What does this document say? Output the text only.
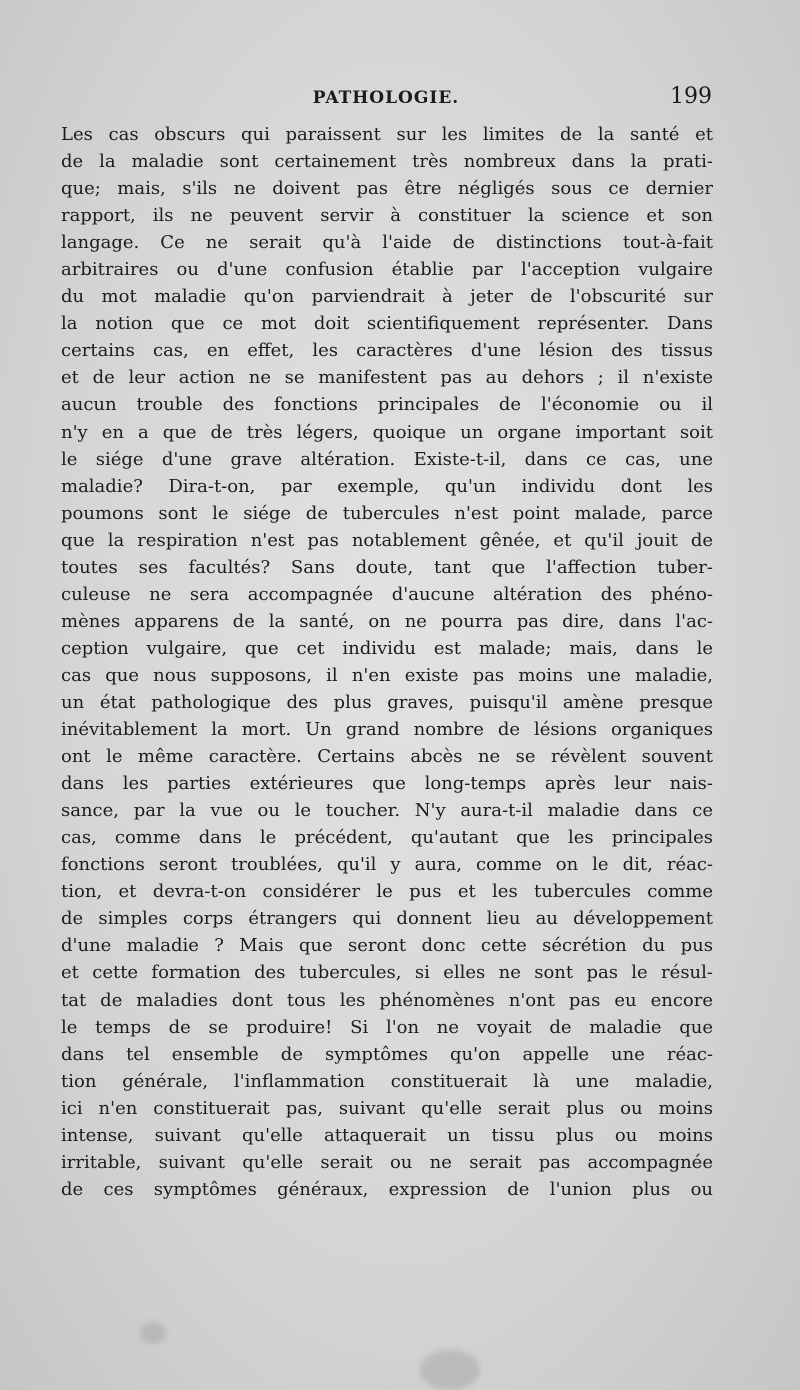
PATHOLOGIE.	199
Les cas obscurs qui paraissent sur les limites de la santé et
de la maladie sont certainement très nombreux dans la prati-
que; mais, s'ils ne doivent pas être négligés sous ce dernier
rapport, ils ne peuvent servir à constituer la science et son
langage. Ce ne serait qu'à l'aide de distinctions tout-à-fait
arbitraires ou d'une confusion établie par l'acception vulgaire
du mot maladie qu'on parviendrait à jeter de l'obscurité sur
la notion que ce mot doit scientifiquement représenter. Dans
certains cas, en effet, les caractères d'une lésion des tissus
et de leur action ne se manifestent pas au dehors ; il n'existe
aucun trouble des fonctions principales de l'économie ou il
n'y en a que de très légers, quoique un organe important soit
le siége d'une grave altération. Existe-t-il, dans ce cas, une
maladie? Dira-t-on, par exemple, qu'un individu dont les
poumons sont le siége de tubercules n'est point malade, parce
que la respiration n'est pas notablement gênée, et qu'il jouit de
toutes ses facultés? Sans doute, tant que l'affection tuber-
culeuse ne sera accompagnée d'aucune altération des phéno-
mènes apparens de la santé, on ne pourra pas dire, dans l'ac-
ception vulgaire, que cet individu est malade; mais, dans le
cas que nous supposons, il n'en existe pas moins une maladie,
un état pathologique des plus graves, puisqu'il amène presque
inévitablement la mort. Un grand nombre de lésions organiques
ont le même caractère. Certains abcès ne se révèlent souvent
dans les parties extérieures que long-temps après leur nais-
sance, par la vue ou le toucher. N'y aura-t-il maladie dans ce
cas, comme dans le précédent, qu'autant que les principales
fonctions seront troublées, qu'il y aura, comme on le dit, réac-
tion, et devra-t-on considérer le pus et les tubercules comme
de simples corps étrangers qui donnent lieu au développement
d'une maladie ? Mais que seront donc cette sécrétion du pus
et cette formation des tubercules, si elles ne sont pas le résul-
tat de maladies dont tous les phénomènes n'ont pas eu encore
le temps de se produire! Si l'on ne voyait de maladie que
dans tel ensemble de symptômes qu'on appelle une réac-
tion générale, l'inflammation constituerait là une maladie,
ici n'en constituerait pas, suivant qu'elle serait plus ou moins
intense, suivant qu'elle attaquerait un tissu plus ou moins
irritable, suivant qu'elle serait ou ne serait pas accompagnée
de ces symptômes généraux, expression de l'union plus ou
